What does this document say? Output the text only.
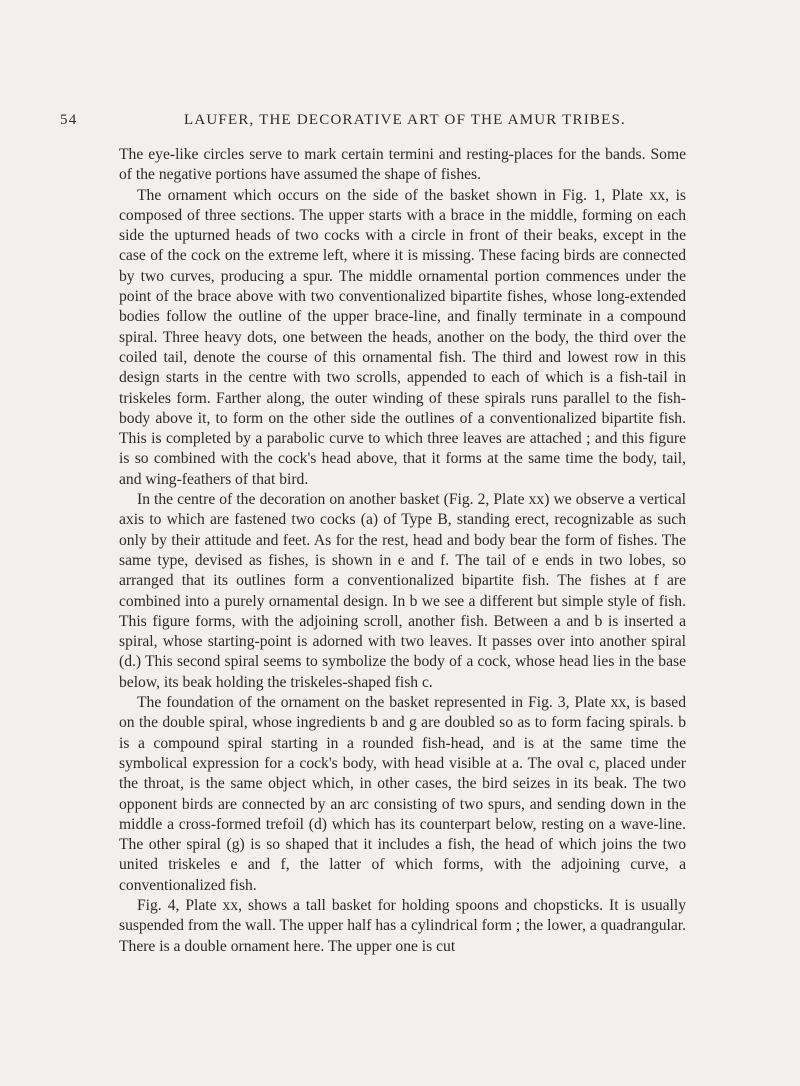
54	LAUFER, THE DECORATIVE ART OF THE AMUR TRIBES.

The eye-like circles serve to mark certain termini and resting-places for the bands. Some of the negative portions have assumed the shape of fishes.

The ornament which occurs on the side of the basket shown in Fig. 1, Plate xx, is composed of three sections. The upper starts with a brace in the middle, forming on each side the upturned heads of two cocks with a circle in front of their beaks, except in the case of the cock on the extreme left, where it is missing. These facing birds are connected by two curves, producing a spur. The middle ornamental portion commences under the point of the brace above with two conventionalized bipartite fishes, whose long-extended bodies follow the outline of the upper brace-line, and finally terminate in a compound spiral. Three heavy dots, one between the heads, another on the body, the third over the coiled tail, denote the course of this ornamental fish. The third and lowest row in this design starts in the centre with two scrolls, appended to each of which is a fish-tail in triskeles form. Farther along, the outer winding of these spirals runs parallel to the fish-body above it, to form on the other side the outlines of a conventionalized bipartite fish. This is completed by a parabolic curve to which three leaves are attached ; and this figure is so combined with the cock's head above, that it forms at the same time the body, tail, and wing-feathers of that bird.

In the centre of the decoration on another basket (Fig. 2, Plate xx) we observe a vertical axis to which are fastened two cocks (a) of Type B, standing erect, recognizable as such only by their attitude and feet. As for the rest, head and body bear the form of fishes. The same type, devised as fishes, is shown in e and f. The tail of e ends in two lobes, so arranged that its outlines form a conventionalized bipartite fish. The fishes at f are combined into a purely ornamental design. In b we see a different but simple style of fish. This figure forms, with the adjoining scroll, another fish. Between a and b is inserted a spiral, whose starting-point is adorned with two leaves. It passes over into another spiral (d.) This second spiral seems to symbolize the body of a cock, whose head lies in the base below, its beak holding the triskeles-shaped fish c.

The foundation of the ornament on the basket represented in Fig. 3, Plate xx, is based on the double spiral, whose ingredients b and g are doubled so as to form facing spirals. b is a compound spiral starting in a rounded fish-head, and is at the same time the symbolical expression for a cock's body, with head visible at a. The oval c, placed under the throat, is the same object which, in other cases, the bird seizes in its beak. The two opponent birds are connected by an arc consisting of two spurs, and sending down in the middle a cross-formed trefoil (d) which has its counterpart below, resting on a wave-line. The other spiral (g) is so shaped that it includes a fish, the head of which joins the two united triskeles e and f, the latter of which forms, with the adjoining curve, a conventionalized fish.

Fig. 4, Plate xx, shows a tall basket for holding spoons and chopsticks. It is usually suspended from the wall. The upper half has a cylindrical form ; the lower, a quadrangular. There is a double ornament here. The upper one is cut
